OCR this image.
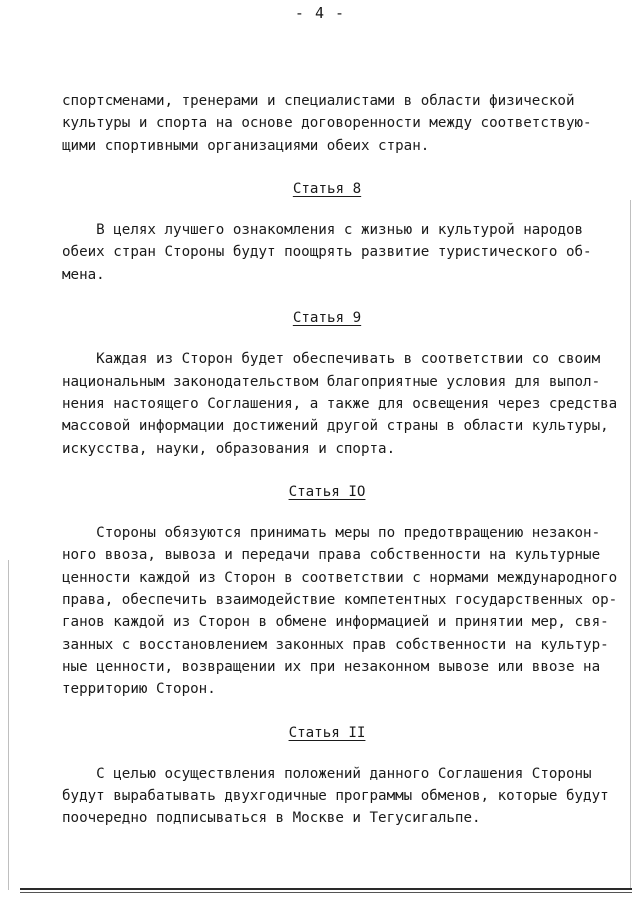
- 4 -

спортсменами, тренерами и специалистами в области физической

культуры и спорта на основе договоренности между соответствую-

щими спортивными организациями обеих стран.

Статья 8

В целях лучшего ознакомления с жизнью и культурой народов

обеих стран Стороны будут поощрять развитие туристического об-

мена.

Статья 9

Каждая из Сторон будет обеспечивать в соответствии со своим

национальным законодательством благоприятные условия для выпол-

нения настоящего Соглашения, а также для освещения через средства

массовой информации достижений другой страны в области культуры,

искусства, науки, образования и спорта.

Статья IO

Стороны обязуются принимать меры по предотвращению незакон-

ного ввоза, вывоза и передачи права собственности на культурные

ценности каждой из Сторон в соответствии с нормами международного

права, обеспечить взаимодействие компетентных государственных ор-

ганов каждой из Сторон в обмене информацией и принятии мер, свя-

занных с восстановлением законных прав собственности на культур-

ные ценности, возвращении их при незаконном вывозе или ввозе на

территорию Сторон.

Статья II

С целью осуществления положений данного Соглашения Стороны

будут вырабатывать двухгодичные программы обменов, которые будут

поочередно подписываться в Москве и Тегусигальпе.
